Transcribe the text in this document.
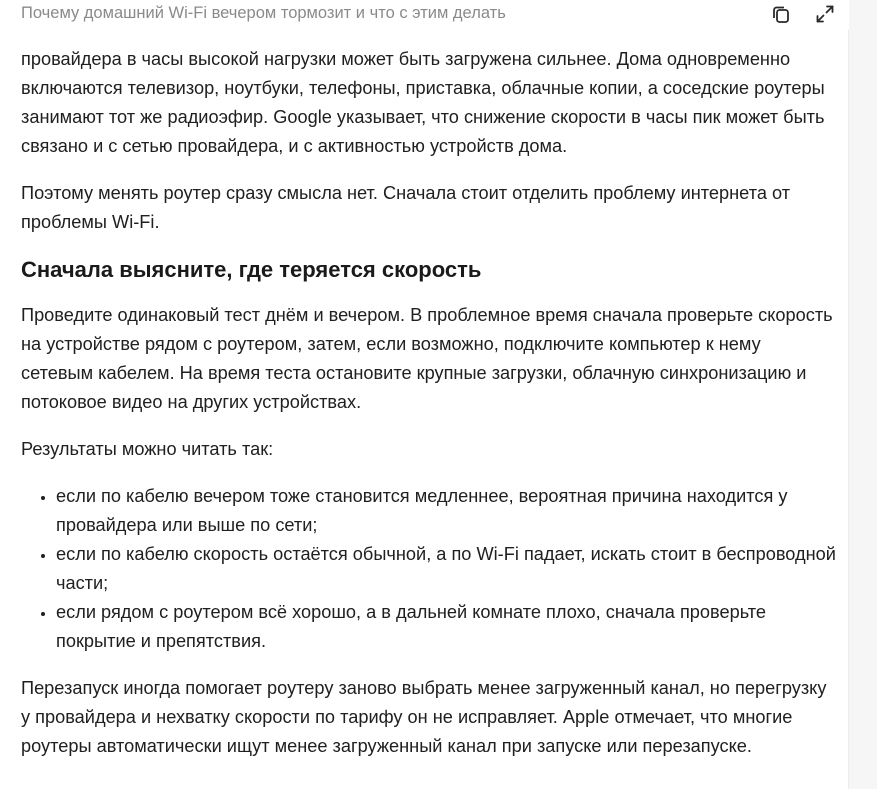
Почему домашний Wi-Fi вечером тормозит и что с этим делать

провайдера в часы высокой нагрузки может быть загружена сильнее. Дома одновременно включаются телевизор, ноутбуки, телефоны, приставка, облачные копии, а соседские роутеры занимают тот же радиоэфир. Google указывает, что снижение скорости в часы пик может быть связано и с сетью провайдера, и с активностью устройств дома.

Поэтому менять роутер сразу смысла нет. Сначала стоит отделить проблему интернета от проблемы Wi-Fi.

Сначала выясните, где теряется скорость

Проведите одинаковый тест днём и вечером. В проблемное время сначала проверьте скорость на устройстве рядом с роутером, затем, если возможно, подключите компьютер к нему сетевым кабелем. На время теста остановите крупные загрузки, облачную синхронизацию и потоковое видео на других устройствах.

Результаты можно читать так:

• если по кабелю вечером тоже становится медленнее, вероятная причина находится у провайдера или выше по сети;
• если по кабелю скорость остаётся обычной, а по Wi-Fi падает, искать стоит в беспроводной части;
• если рядом с роутером всё хорошо, а в дальней комнате плохо, сначала проверьте покрытие и препятствия.

Перезапуск иногда помогает роутеру заново выбрать менее загруженный канал, но перегрузку у провайдера и нехватку скорости по тарифу он не исправляет. Apple отмечает, что многие роутеры автоматически ищут менее загруженный канал при запуске или перезапуске.
